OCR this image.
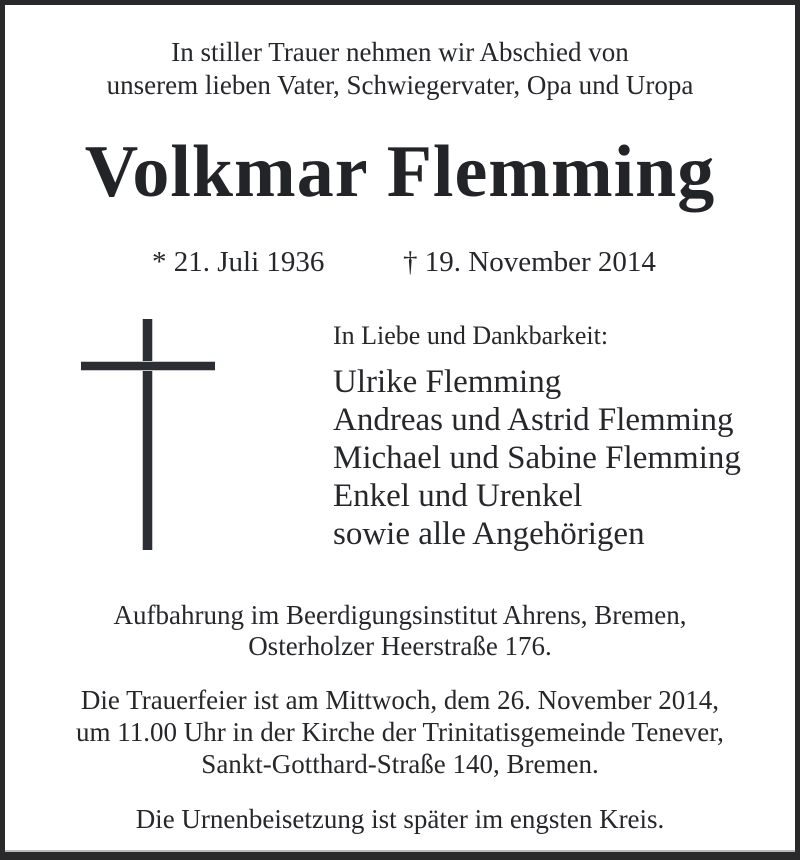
In stiller Trauer nehmen wir Abschied von
unserem lieben Vater, Schwiegervater, Opa und Uropa
Volkmar Flemming
* 21. Juli 1936	† 19. November 2014
In Liebe und Dankbarkeit:
Ulrike Flemming
Andreas und Astrid Flemming
Michael und Sabine Flemming
Enkel und Urenkel
sowie alle Angehörigen
Aufbahrung im Beerdigungsinstitut Ahrens, Bremen,
Osterholzer Heerstraße 176.
Die Trauerfeier ist am Mittwoch, dem 26. November 2014,
um 11.00 Uhr in der Kirche der Trinitatisgemeinde Tenever,
Sankt-Gotthard-Straße 140, Bremen.
Die Urnenbeisetzung ist später im engsten Kreis.
